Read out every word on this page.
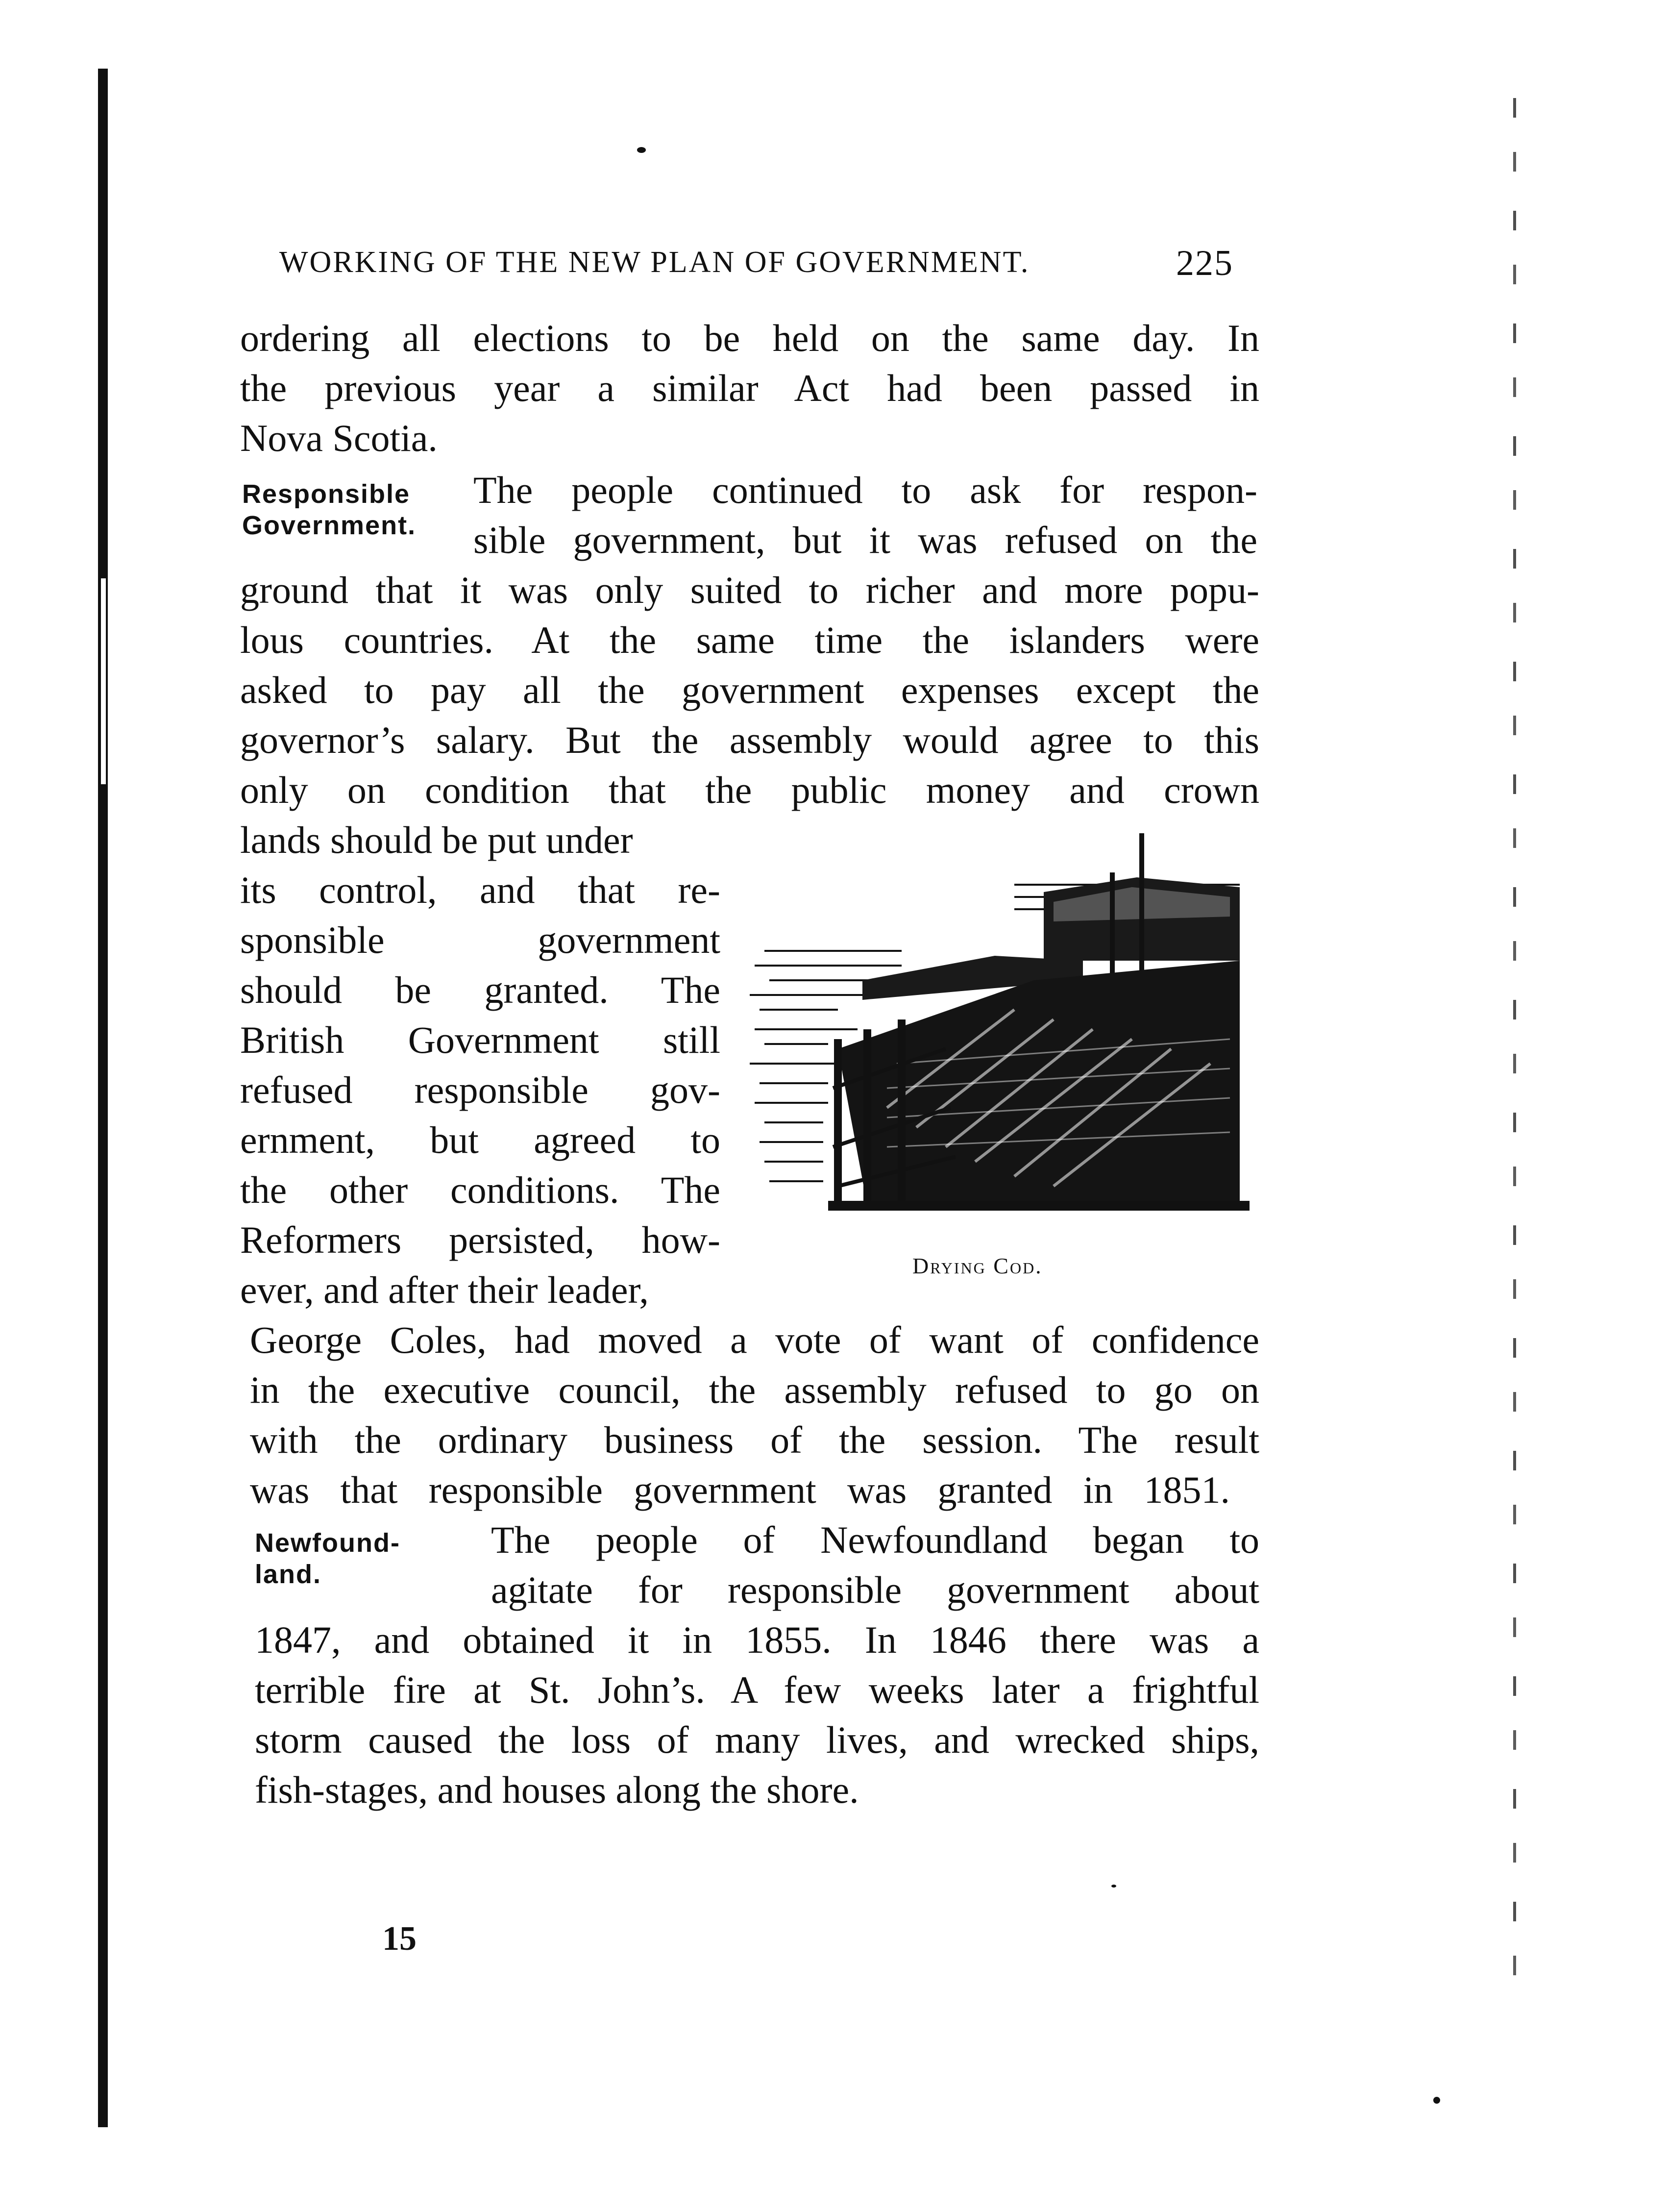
WORKING OF THE NEW PLAN OF GOVERNMENT.	225
ordering all elections to be held on the same day. In
the previous year a similar Act had been passed in
Nova Scotia.
Responsible
Government.
The people continued to ask for respon-
sible government, but it was refused on the
ground that it was only suited to richer and more popu-
lous countries. At the same time the islanders were
asked to pay all the government expenses except the
governor’s salary. But the assembly would agree to this
only on condition that the public money and crown
lands should be put under
its control, and that re-
sponsible government
should be granted. The
British Government still
refused responsible gov-
ernment, but agreed to
the other conditions. The
Reformers persisted, how-
ever, and after their leader,
Drying Cod.
George Coles, had moved a vote of want of confidence
in the executive council, the assembly refused to go on
with the ordinary business of the session. The result
was that responsible government was granted in 1851.
Newfound-
land.
The people of Newfoundland began to
agitate for responsible government about
1847, and obtained it in 1855. In 1846 there was a
terrible fire at St. John’s. A few weeks later a frightful
storm caused the loss of many lives, and wrecked ships,
fish-stages, and houses along the shore.
15
